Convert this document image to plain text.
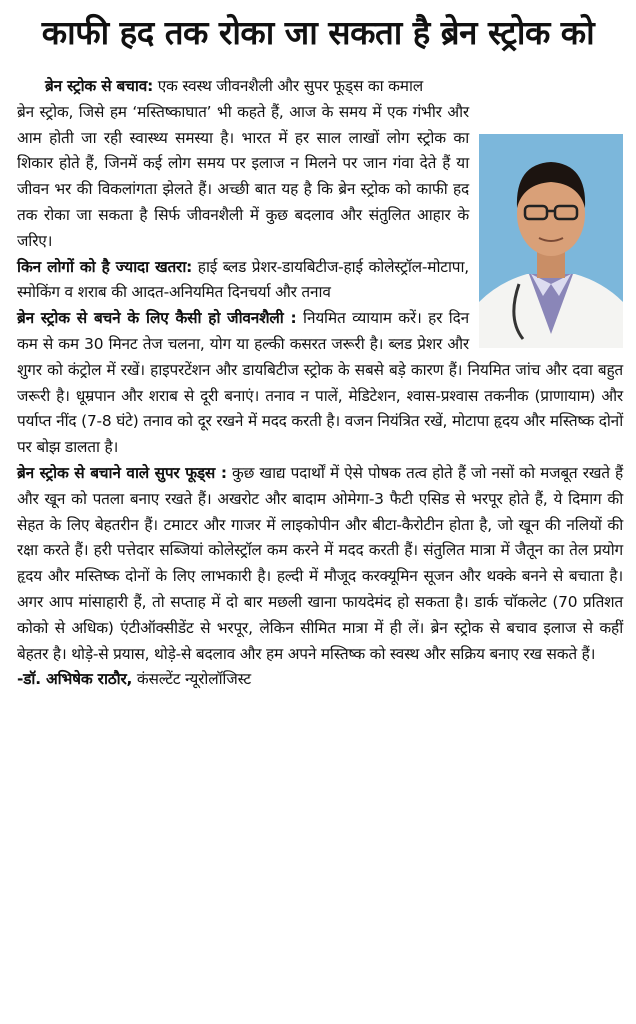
काफी हद तक रोका जा सकता है ब्रेन स्ट्रोक को

ब्रेन स्ट्रोक से बचाव: एक स्वस्थ जीवनशैली और सुपर फूड्स का कमाल

ब्रेन स्ट्रोक, जिसे हम ‘मस्तिष्काघात’ भी कहते हैं, आज के समय में एक गंभीर और आम होती जा रही स्वास्थ्य समस्या है। भारत में हर साल लाखों लोग स्ट्रोक का शिकार होते हैं, जिनमें कई लोग समय पर इलाज न मिलने पर जान गंवा देते हैं या जीवन भर की विकलांगता झेलते हैं। अच्छी बात यह है कि ब्रेन स्ट्रोक को काफी हद तक रोका जा सकता है सिर्फ जीवनशैली में कुछ बदलाव और संतुलित आहार के जरिए।

किन लोगों को है ज्यादा खतरा: हाई ब्लड प्रेशर-डायबिटीज-हाई कोलेस्ट्रॉल-मोटापा, स्मोकिंग व शराब की आदत-अनियमित दिनचर्या और तनाव

ब्रेन स्ट्रोक से बचने के लिए कैसी हो जीवनशैली : नियमित व्यायाम करें। हर दिन कम से कम 30 मिनट तेज चलना, योग या हल्की कसरत जरूरी है। ब्लड प्रेशर और शुगर को कंट्रोल में रखें। हाइपरटेंशन और डायबिटीज स्ट्रोक के सबसे बड़े कारण हैं। नियमित जांच और दवा बहुत जरूरी है। धूम्रपान और शराब से दूरी बनाएं। तनाव न पालें, मेडिटेशन, श्वास-प्रश्वास तकनीक (प्राणायाम) और पर्याप्त नींद (7-8 घंटे) तनाव को दूर रखने में मदद करती है। वजन नियंत्रित रखें, मोटापा हृदय और मस्तिष्क दोनों पर बोझ डालता है।

ब्रेन स्ट्रोक से बचाने वाले सुपर फूड्स : कुछ खाद्य पदार्थों में ऐसे पोषक तत्व होते हैं जो नसों को मजबूत रखते हैं और खून को पतला बनाए रखते हैं। अखरोट और बादाम ओमेगा-3 फैटी एसिड से भरपूर होते हैं, ये दिमाग की सेहत के लिए बेहतरीन हैं। टमाटर और गाजर में लाइकोपीन और बीटा-कैरोटीन होता है, जो खून की नलियों की रक्षा करते हैं। हरी पत्तेदार सब्जियां कोलेस्ट्रॉल कम करने में मदद करती हैं। संतुलित मात्रा में जैतून का तेल प्रयोग हृदय और मस्तिष्क दोनों के लिए लाभकारी है। हल्दी में मौजूद करक्यूमिन सूजन और थक्के बनने से बचाता है। अगर आप मांसाहारी हैं, तो सप्ताह में दो बार मछली खाना फायदेमंद हो सकता है। डार्क चॉकलेट (70 प्रतिशत कोको से अधिक) एंटीऑक्सीडेंट से भरपूर, लेकिन सीमित मात्रा में ही लें। ब्रेन स्ट्रोक से बचाव इलाज से कहीं बेहतर है। थोड़े-से प्रयास, थोड़े-से बदलाव और हम अपने मस्तिष्क को स्वस्थ और सक्रिय बनाए रख सकते हैं।

-डॉ. अभिषेक राठौर, कंसल्टेंट न्यूरोलॉजिस्ट
